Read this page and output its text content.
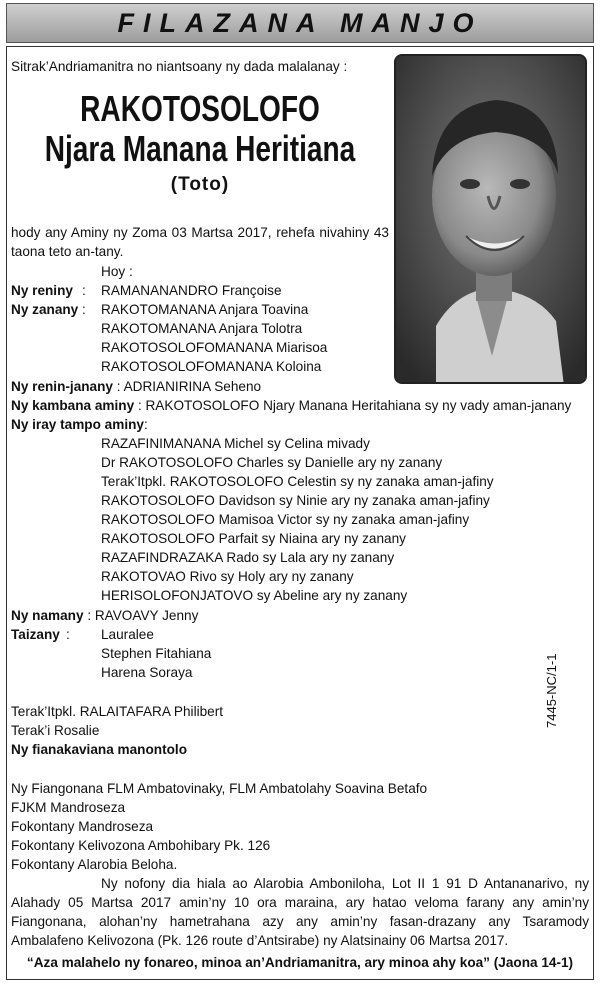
FILAZANA MANJO
Sitrak’Andriamanitra no niantsoany ny dada malalanay :
RAKOTOSOLOFO
Njara Manana Heritiana
(Toto)
hody any Aminy ny Zoma 03 Martsa 2017, rehefa nivahiny 43 taona teto an-tany.
Hoy :
Ny reniny : RAMANANANDRO Françoise
Ny zanany : RAKOTOMANANA Anjara Toavina
RAKOTOMANANA Anjara Tolotra
RAKOTOSOLOFOMANANA Miarisoa
RAKOTOSOLOFOMANANA Koloina
Ny renin-janany : ADRIANIRINA Seheno
Ny kambana aminy : RAKOTOSOLOFO Njary Manana Heritahiana sy ny vady aman-janany
Ny iray tampo aminy:
RAZAFINIMANANA Michel sy Celina mivady
Dr RAKOTOSOLOFO Charles sy Danielle ary ny zanany
Terak’Itpkl. RAKOTOSOLOFO Celestin sy ny zanaka aman-jafiny
RAKOTOSOLOFO Davidson sy Ninie ary ny zanaka aman-jafiny
RAKOTOSOLOFO Mamisoa Victor sy ny zanaka aman-jafiny
RAKOTOSOLOFO Parfait sy Niaina ary ny zanany
RAZAFINDRAZAKA Rado sy Lala ary ny zanany
RAKOTOVAO Rivo sy Holy ary ny zanany
HERISOLOFONJATOVO sy Abeline ary ny zanany
Ny namany : RAVOAVY Jenny
Taizany : Lauralee
Stephen Fitahiana
Harena Soraya	7445-NC/1-1
Terak’Itpkl. RALAITAFARA Philibert
Terak’i Rosalie
Ny fianakaviana manontolo
Ny Fiangonana FLM Ambatovinaky, FLM Ambatolahy Soavina Betafo
FJKM Mandroseza
Fokontany Mandroseza
Fokontany Kelivozona Ambohibary Pk. 126
Fokontany Alarobia Beloha.
Ny nofony dia hiala ao Alarobia Amboniloha, Lot II 1 91 D Antananarivo, ny Alahady 05 Martsa 2017 amin’ny 10 ora maraina, ary hatao veloma farany any amin’ny Fiangonana, alohan’ny hametrahana azy any amin’ny fasan-drazany any Tsaramody Ambalafeno Kelivozona (Pk. 126 route d’Antsirabe) ny Alatsinainy 06 Martsa 2017.
“Aza malahelo ny fonareo, minoa an’Andriamanitra, ary minoa ahy koa” (Jaona 14-1)
